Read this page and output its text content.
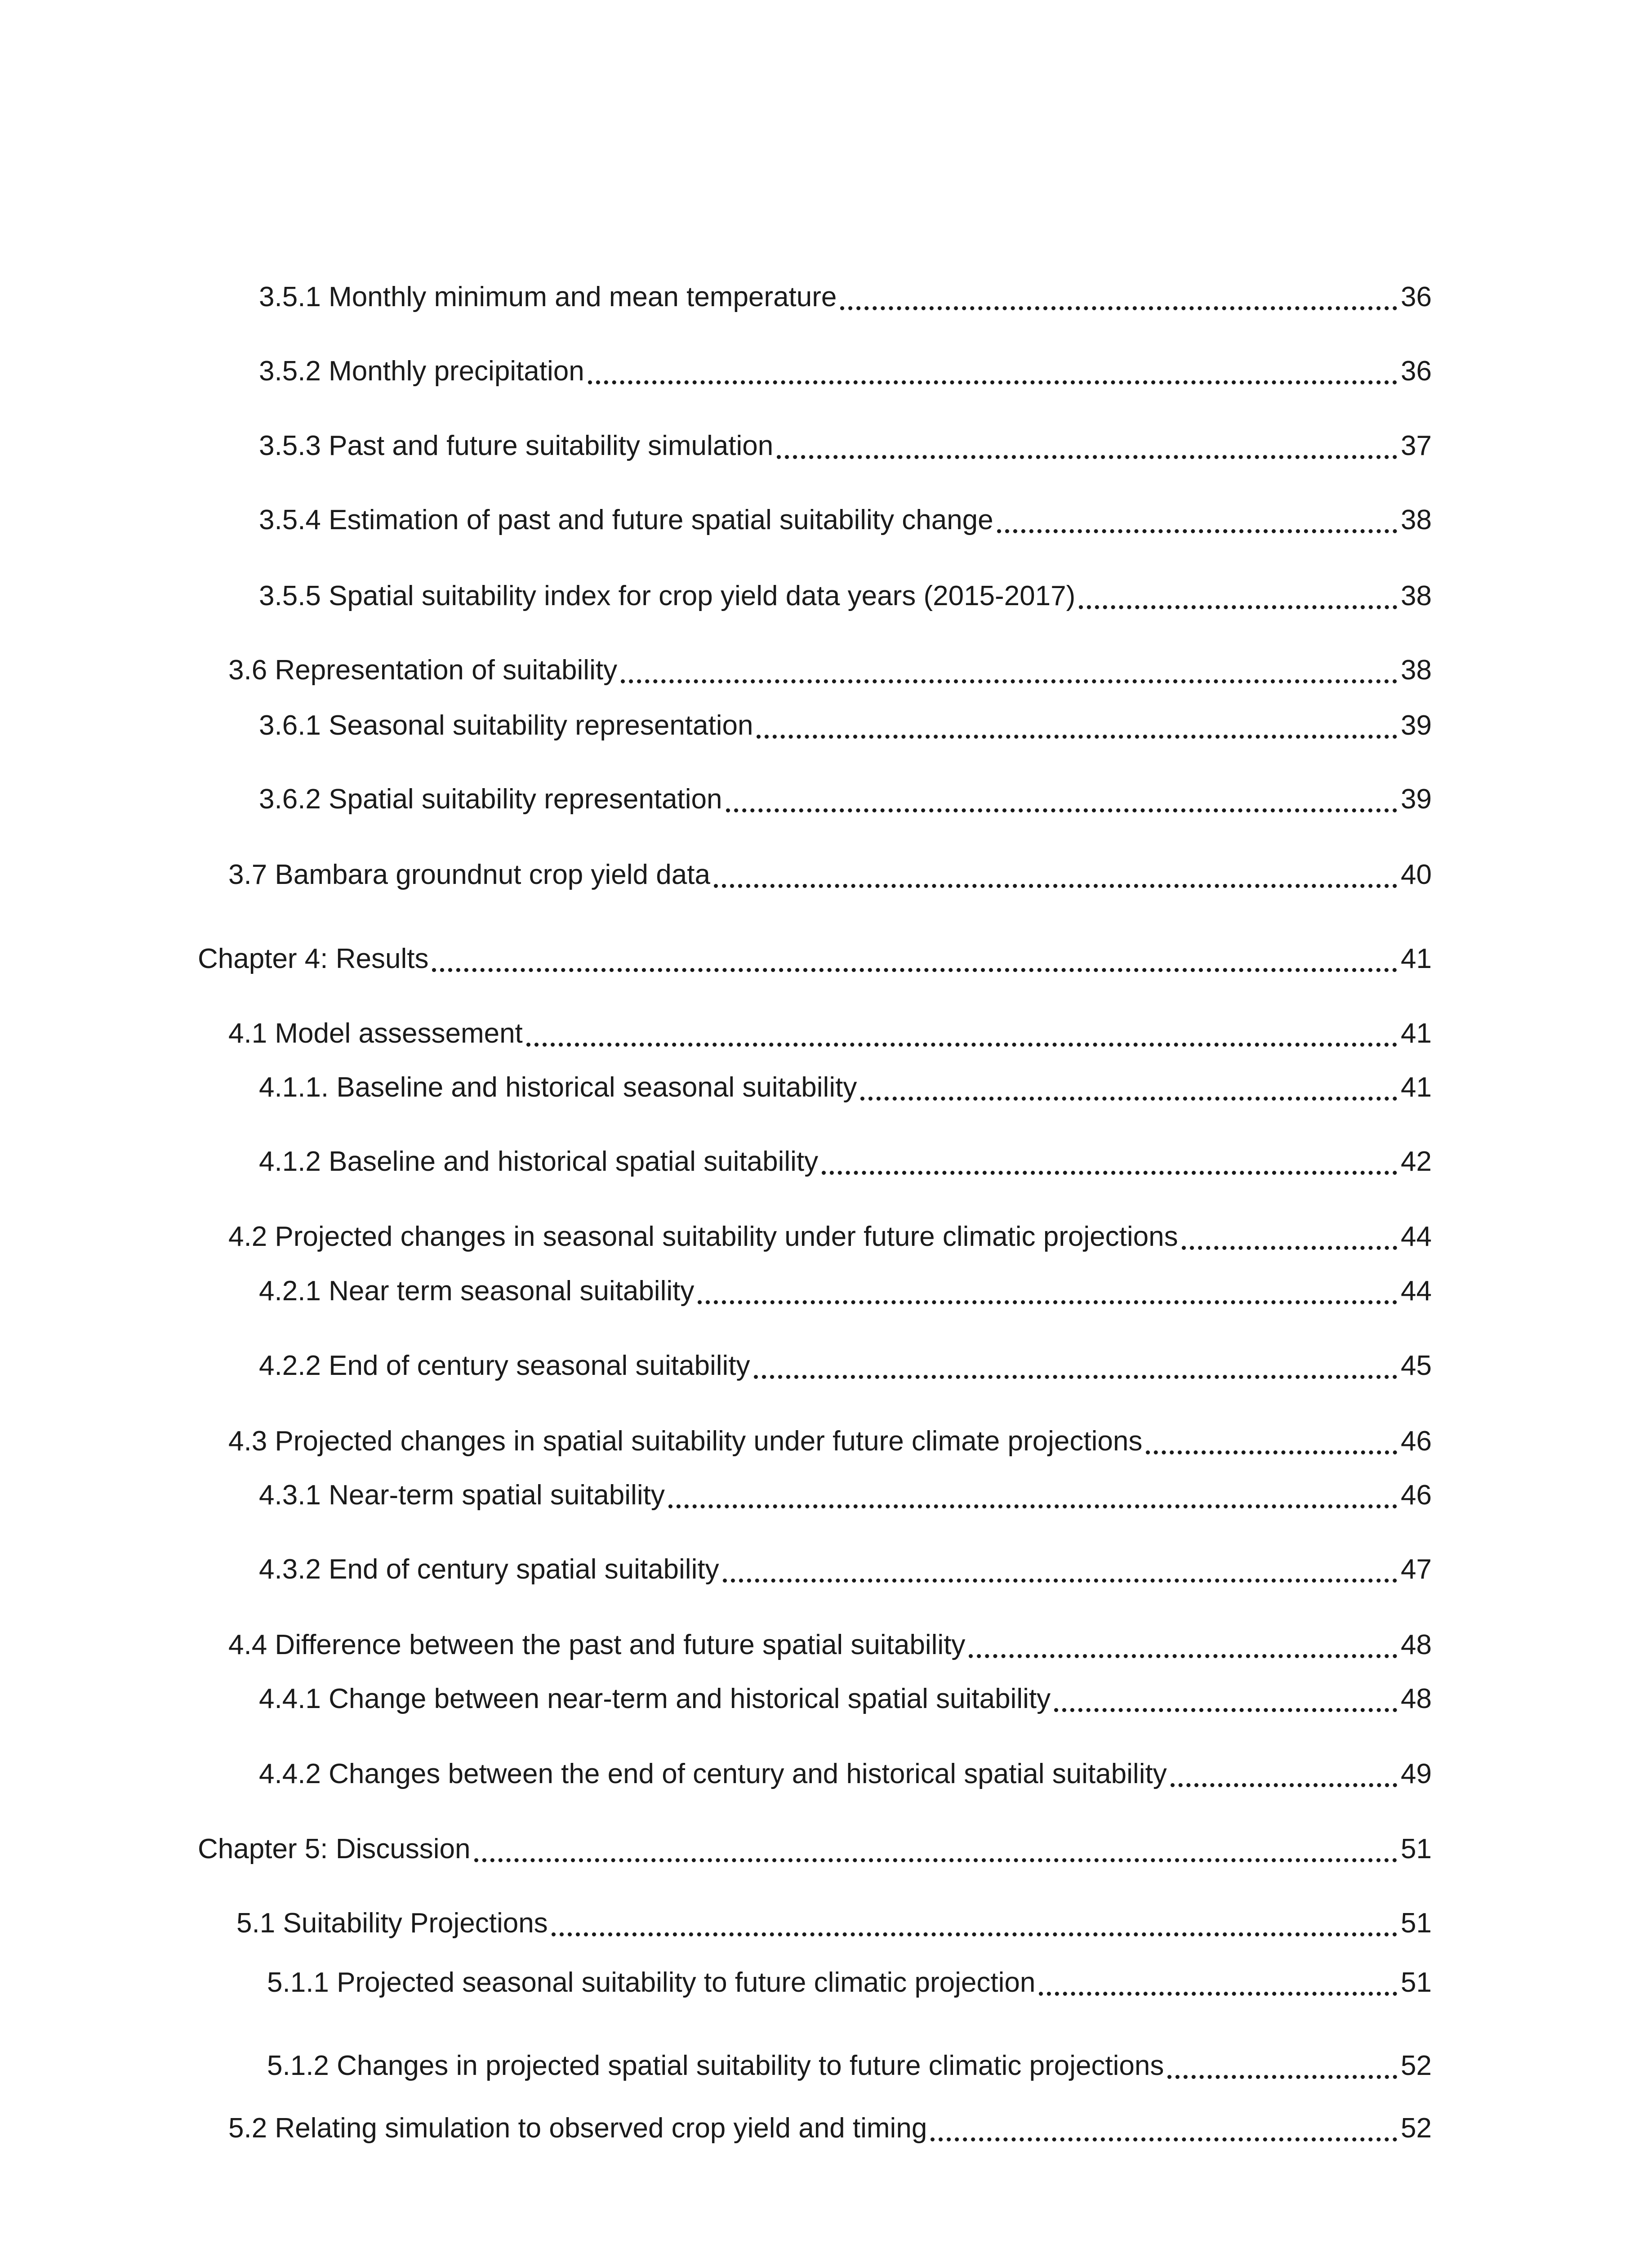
3.5.1 Monthly minimum and mean temperature	36
3.5.2 Monthly precipitation	36
3.5.3 Past and future suitability simulation	37
3.5.4 Estimation of past and future spatial suitability change	38
3.5.5 Spatial suitability index for crop yield data years (2015-2017)	38
3.6 Representation of suitability	38
3.6.1 Seasonal suitability representation	39
3.6.2 Spatial suitability representation	39
3.7 Bambara groundnut crop yield data	40
Chapter 4: Results	41
4.1 Model assessement	41
4.1.1. Baseline and historical seasonal suitability	41
4.1.2 Baseline and historical spatial suitability	42
4.2 Projected changes in seasonal suitability under future climatic projections	44
4.2.1 Near term seasonal suitability	44
4.2.2 End of century seasonal suitability	45
4.3 Projected changes in spatial suitability under future climate projections	46
4.3.1 Near-term spatial suitability	46
4.3.2 End of century spatial suitability	47
4.4 Difference between the past and future spatial suitability	48
4.4.1 Change between near-term and historical spatial suitability	48
4.4.2 Changes between the end of century and historical spatial suitability	49
Chapter 5: Discussion	51
5.1 Suitability Projections	51
5.1.1 Projected seasonal suitability to future climatic projection	51
5.1.2 Changes in projected spatial suitability to future climatic projections	52
5.2 Relating simulation to observed crop yield and timing	52
